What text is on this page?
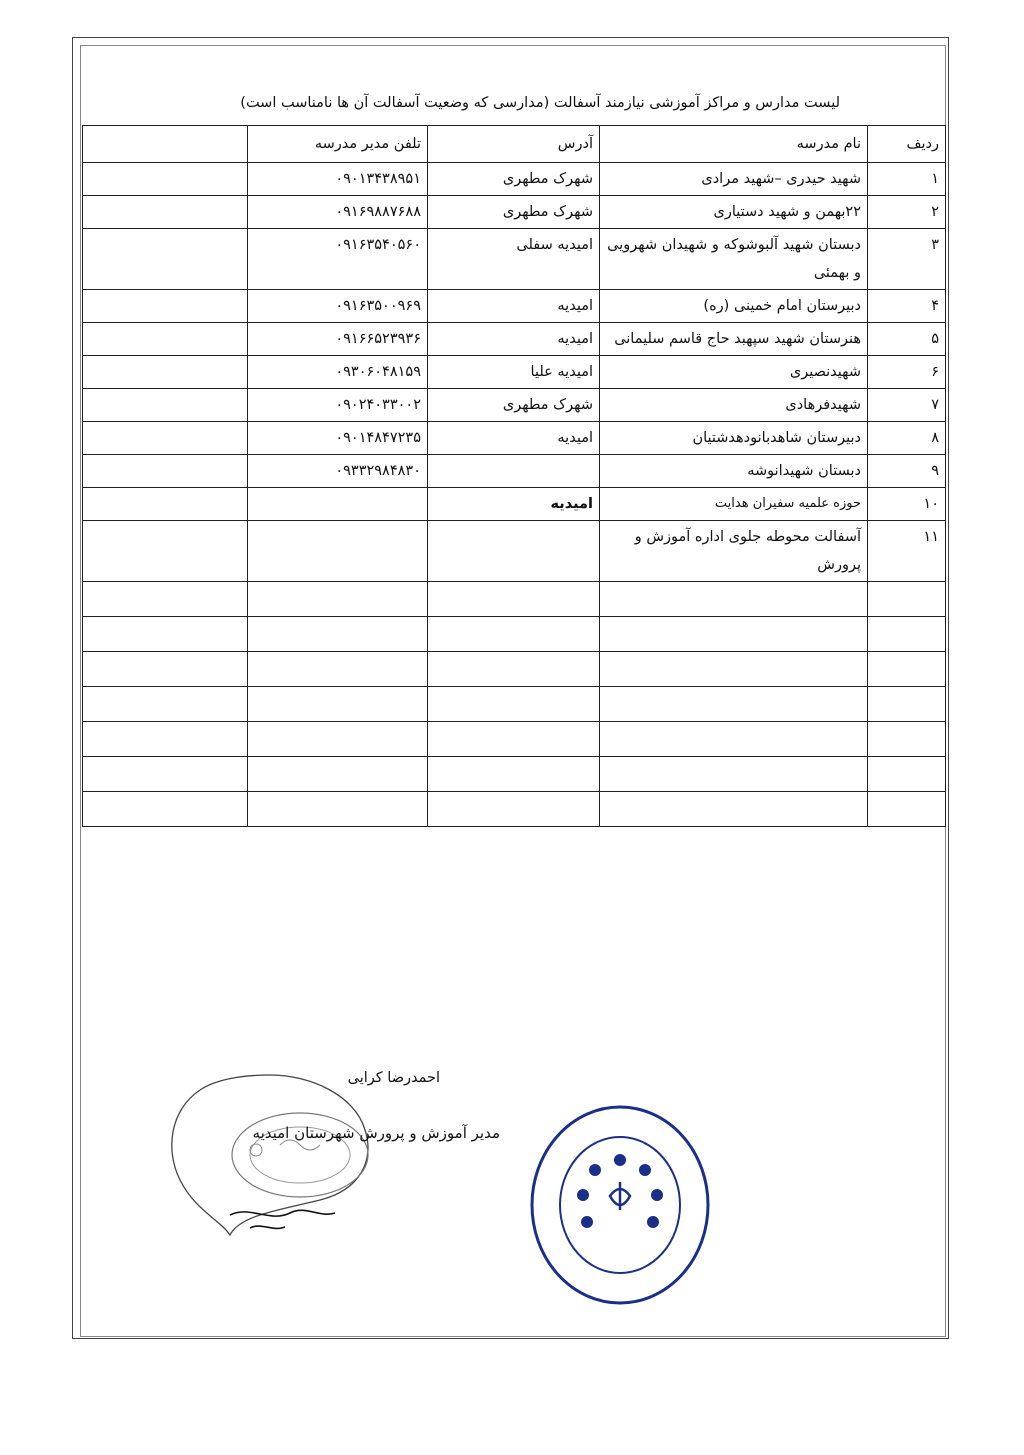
لیست مدارس و مراکز آموزشی نیازمند آسفالت (مدارسی که وضعیت آسفالت آن ها نامناسب است)
ردیف	نام مدرسه	آدرس	تلفن مدیر مدرسه	
۱	شهید حیدری –شهید مرادی	شهرک مطهری	۰۹۰۱۳۴۳۸۹۵۱	
۲	۲۲بهمن و شهید دستیاری	شهرک مطهری	۰۹۱۶۹۸۸۷۶۸۸	
۳	دبستان شهید آلبوشوکه و شهیدان شهرویی و بهمئی	امیدیه سفلی	۰۹۱۶۳۵۴۰۵۶۰	
۴	دبیرستان امام خمینی (ره)	امیدیه	۰۹۱۶۳۵۰۰۹۶۹	
۵	هنرستان شهید سپهبد حاج قاسم سلیمانی	امیدیه	۰۹۱۶۶۵۲۳۹۳۶	
۶	شهیدنصیری	امیدیه علیا	۰۹۳۰۶۰۴۸۱۵۹	
۷	شهیدفرهادی	شهرک مطهری	۰۹۰۲۴۰۳۳۰۰۲	
۸	دبیرستان شاهدبانودهدشتیان	امیدیه	۰۹۰۱۴۸۴۷۲۳۵	
۹	دبستان شهیدانوشه		۰۹۳۳۲۹۸۴۸۳۰	
۱۰	حوزه علمیه سفیران هدایت	امیدیه		
۱۱	آسفالت محوطه جلوی اداره آموزش و پرورش			

احمدرضا کرایی
مدیر آموزش و پرورش شهرستان امیدیه
